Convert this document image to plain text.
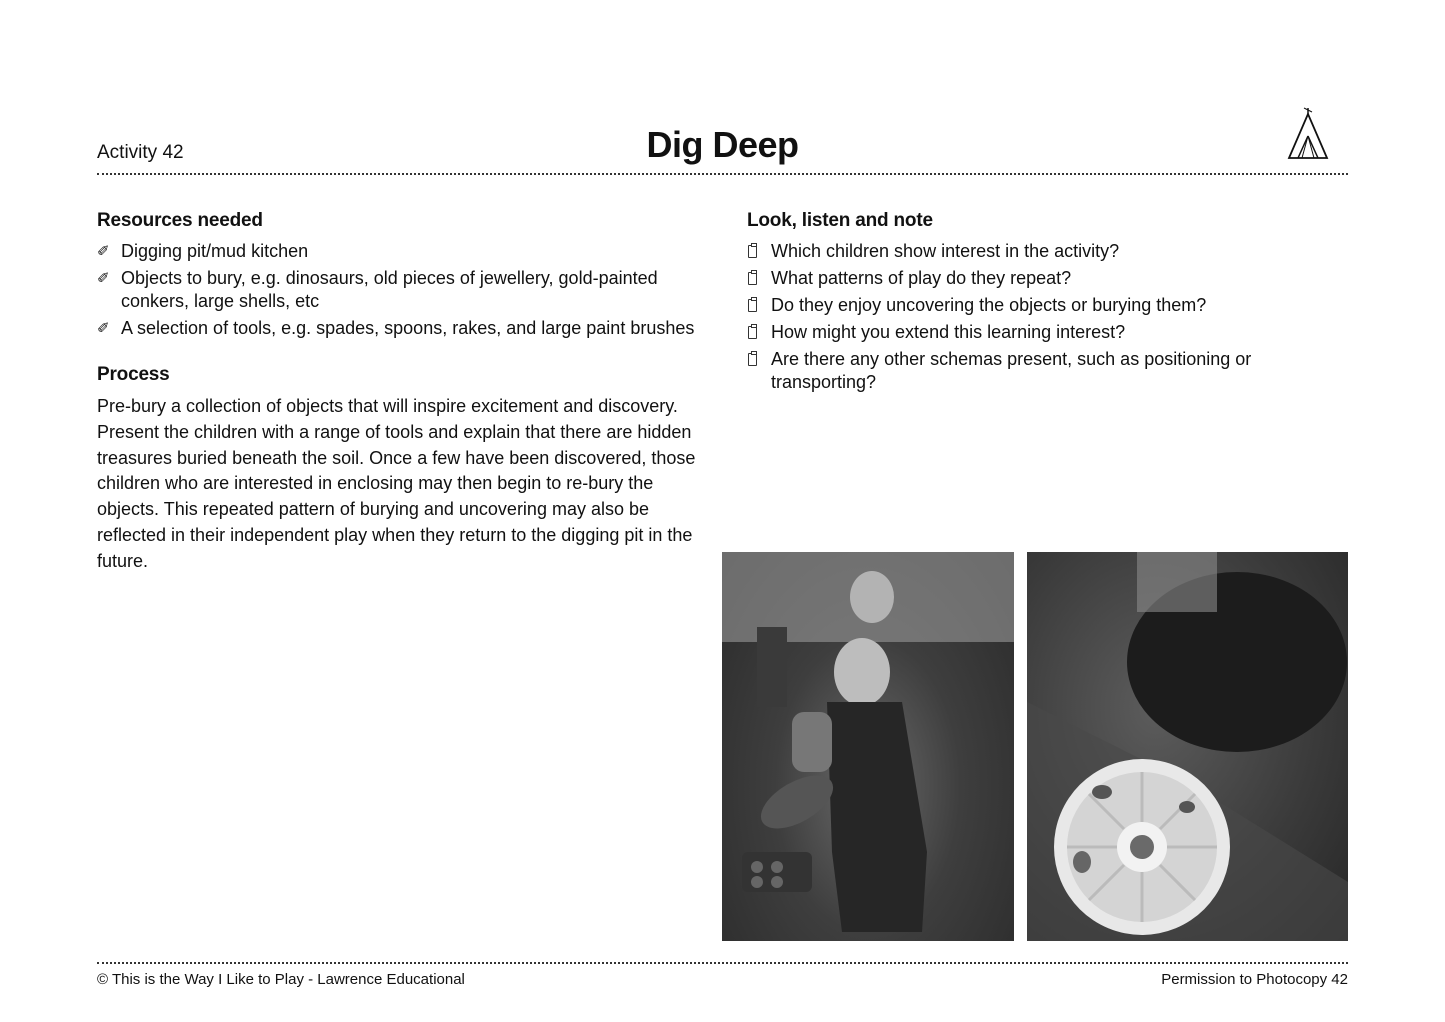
Activity 42	Dig Deep
Resources needed
✐ Digging pit/mud kitchen
✐ Objects to bury, e.g. dinosaurs, old pieces of jewellery, gold-painted conkers, large shells, etc
✐ A selection of tools, e.g. spades, spoons, rakes, and large paint brushes
Process

Pre-bury a collection of objects that will inspire excitement and discovery. Present the children with a range of tools and explain that there are hidden treasures buried beneath the soil. Once a few have been discovered, those children who are interested in enclosing may then begin to re-bury the objects. This repeated pattern of burying and uncovering may also be reflected in their independent play when they return to the digging pit in the future.

Look, listen and note
Which children show interest in the activity?
What patterns of play do they repeat?
Do they enjoy uncovering the objects or burying them?
How might you extend this learning interest?
Are there any other schemas present, such as positioning or transporting?
© This is the Way I Like to Play - Lawrence Educational	Permission to Photocopy 42
